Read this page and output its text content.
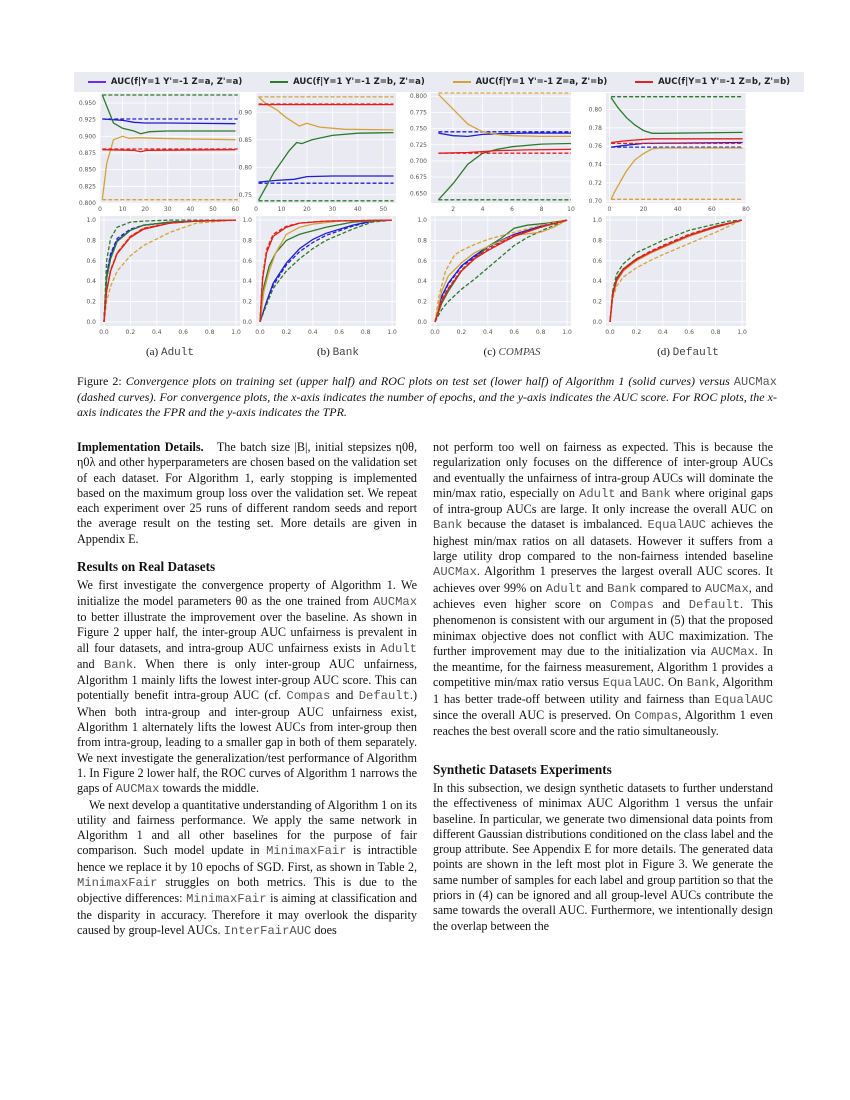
AUC(f|Y=1 Y'=-1 Z=a, Z'=a)	AUC(f|Y=1 Y'=-1 Z=b, Z'=a)	AUC(f|Y=1 Y'=-1 Z=a, Z'=b)	AUC(f|Y=1 Y'=-1 Z=b, Z'=b)
0	10 20 30 40 50 60
0.800
0.825
0.850
0.875
0.900
0.925
0.950
0	10	20	30	40	50
0.75
0.80
0.85
0.90
2	4	6	8	10
0.650
0.675
0.700
0.725
0.750
0.775
0.800
0	20	40	60	80
0.70
0.72
0.74
0.76
0.78
0.80
0.0	0.2	0.4	0.6	0.8	1.0
0.0
0.2
0.4
0.6
0.8
1.0
0.0	0.2	0.4	0.6	0.8	1.0
0.0
0.2
0.4
0.6
0.8
1.0
0.0	0.2	0.4	0.6	0.8	1.0
0.0
0.2
0.4
0.6
0.8
1.0
0.0	0.2	0.4	0.6	0.8	1.0
0.0
0.2
0.4
0.6
0.8
1.0
(a) Adult	(b) Bank	(c) COMPAS	(d) Default
Figure 2: Convergence plots on training set (upper half) and ROC plots on test set (lower half) of Algorithm 1 (solid curves) versus AUCMax (dashed curves). For convergence plots, the x-axis indicates the number of epochs, and the y-axis indicates the AUC score. For ROC plots, the x-axis indicates the FPR and the y-axis indicates the TPR.

Implementation Details. The batch size |B|, initial stepsizes η0θ, η0λ and other hyperparameters are chosen based on the validation set of each dataset. For Algorithm 1, early stopping is implemented based on the maximum group loss over the validation set. We repeat each experiment over 25 runs of different random seeds and report the average result on the testing set. More details are given in Appendix E.

Results on Real Datasets

We first investigate the convergence property of Algorithm 1. We initialize the model parameters θ0 as the one trained from AUCMax to better illustrate the improvement over the baseline. As shown in Figure 2 upper half, the inter-group AUC unfairness is prevalent in all four datasets, and intra-group AUC unfairness exists in Adult and Bank. When there is only inter-group AUC unfairness, Algorithm 1 mainly lifts the lowest inter-group AUC score. This can potentially benefit intra-group AUC (cf. Compas and Default.) When both intra-group and inter-group AUC unfairness exist, Algorithm 1 alternately lifts the lowest AUCs from inter-group then from intra-group, leading to a smaller gap in both of them separately. We next investigate the generalization/test performance of Algorithm 1. In Figure 2 lower half, the ROC curves of Algorithm 1 narrows the gaps of AUCMax towards the middle.

We next develop a quantitative understanding of Algorithm 1 on its utility and fairness performance. We apply the same network in Algorithm 1 and all other baselines for the purpose of fair comparison. Such model update in MinimaxFair is intractible hence we replace it by 10 epochs of SGD. First, as shown in Table 2, MinimaxFair struggles on both metrics. This is due to the objective differences: MinimaxFair is aiming at classification and the disparity in accuracy. Therefore it may overlook the disparity caused by group-level AUCs. InterFairAUC does

not perform too well on fairness as expected. This is because the regularization only focuses on the difference of inter-group AUCs and eventually the unfairness of intra-group AUCs will dominate the min/max ratio, especially on Adult and Bank where original gaps of intra-group AUCs are large. It only increase the overall AUC on Bank because the dataset is imbalanced. EqualAUC achieves the highest min/max ratios on all datasets. However it suffers from a large utility drop compared to the non-fairness intended baseline AUCMax. Algorithm 1 preserves the largest overall AUC scores. It achieves over 99% on Adult and Bank compared to AUCMax, and achieves even higher score on Compas and Default. This phenomenon is consistent with our argument in (5) that the proposed minimax objective does not conflict with AUC maximization. The further improvement may due to the initialization via AUCMax. In the meantime, for the fairness measurement, Algorithm 1 provides a competitive min/max ratio versus EqualAUC. On Bank, Algorithm 1 has better trade-off between utility and fairness than EqualAUC since the overall AUC is preserved. On Compas, Algorithm 1 even reaches the best overall score and the ratio simultaneously.

Synthetic Datasets Experiments

In this subsection, we design synthetic datasets to further understand the effectiveness of minimax AUC Algorithm 1 versus the unfair baseline. In particular, we generate two dimensional data points from different Gaussian distributions conditioned on the class label and the group attribute. See Appendix E for more details. The generated data points are shown in the left most plot in Figure 3. We generate the same number of samples for each label and group partition so that the priors in (4) can be ignored and all group-level AUCs contribute the same towards the overall AUC. Furthermore, we intentionally design the overlap between the
